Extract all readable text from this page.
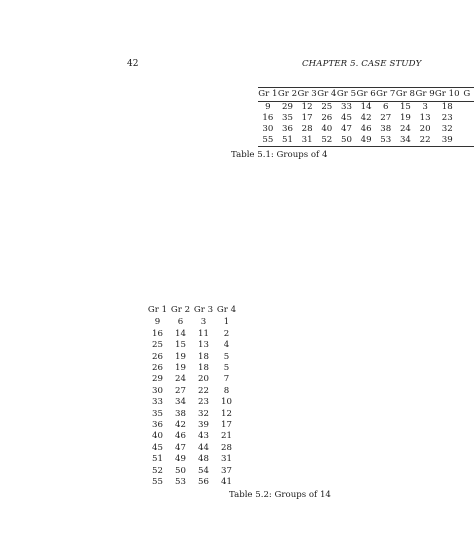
42	CHAPTER 5. CASE STUDY
Gr 1	Gr 2	Gr 3	Gr 4	Gr 5	Gr 6	Gr 7	Gr 8	Gr 9	Gr 10	G
9	29	12	25	33	14	6	15	3	18	
16	35	17	26	45	42	27	19	13	23	
30	36	28	40	47	46	38	24	20	32	
55	51	31	52	50	49	53	34	22	39	
Table 5.1: Groups of 4
Gr 1	Gr 2	Gr 3	Gr 4
9	6	3	1
16	14	11	2
25	15	13	4
26	19	18	5
26	19	18	5
29	24	20	7
30	27	22	8
33	34	23	10
35	38	32	12
36	42	39	17
40	46	43	21
45	47	44	28
51	49	48	31
52	50	54	37
55	53	56	41
Table 5.2: Groups of 14
